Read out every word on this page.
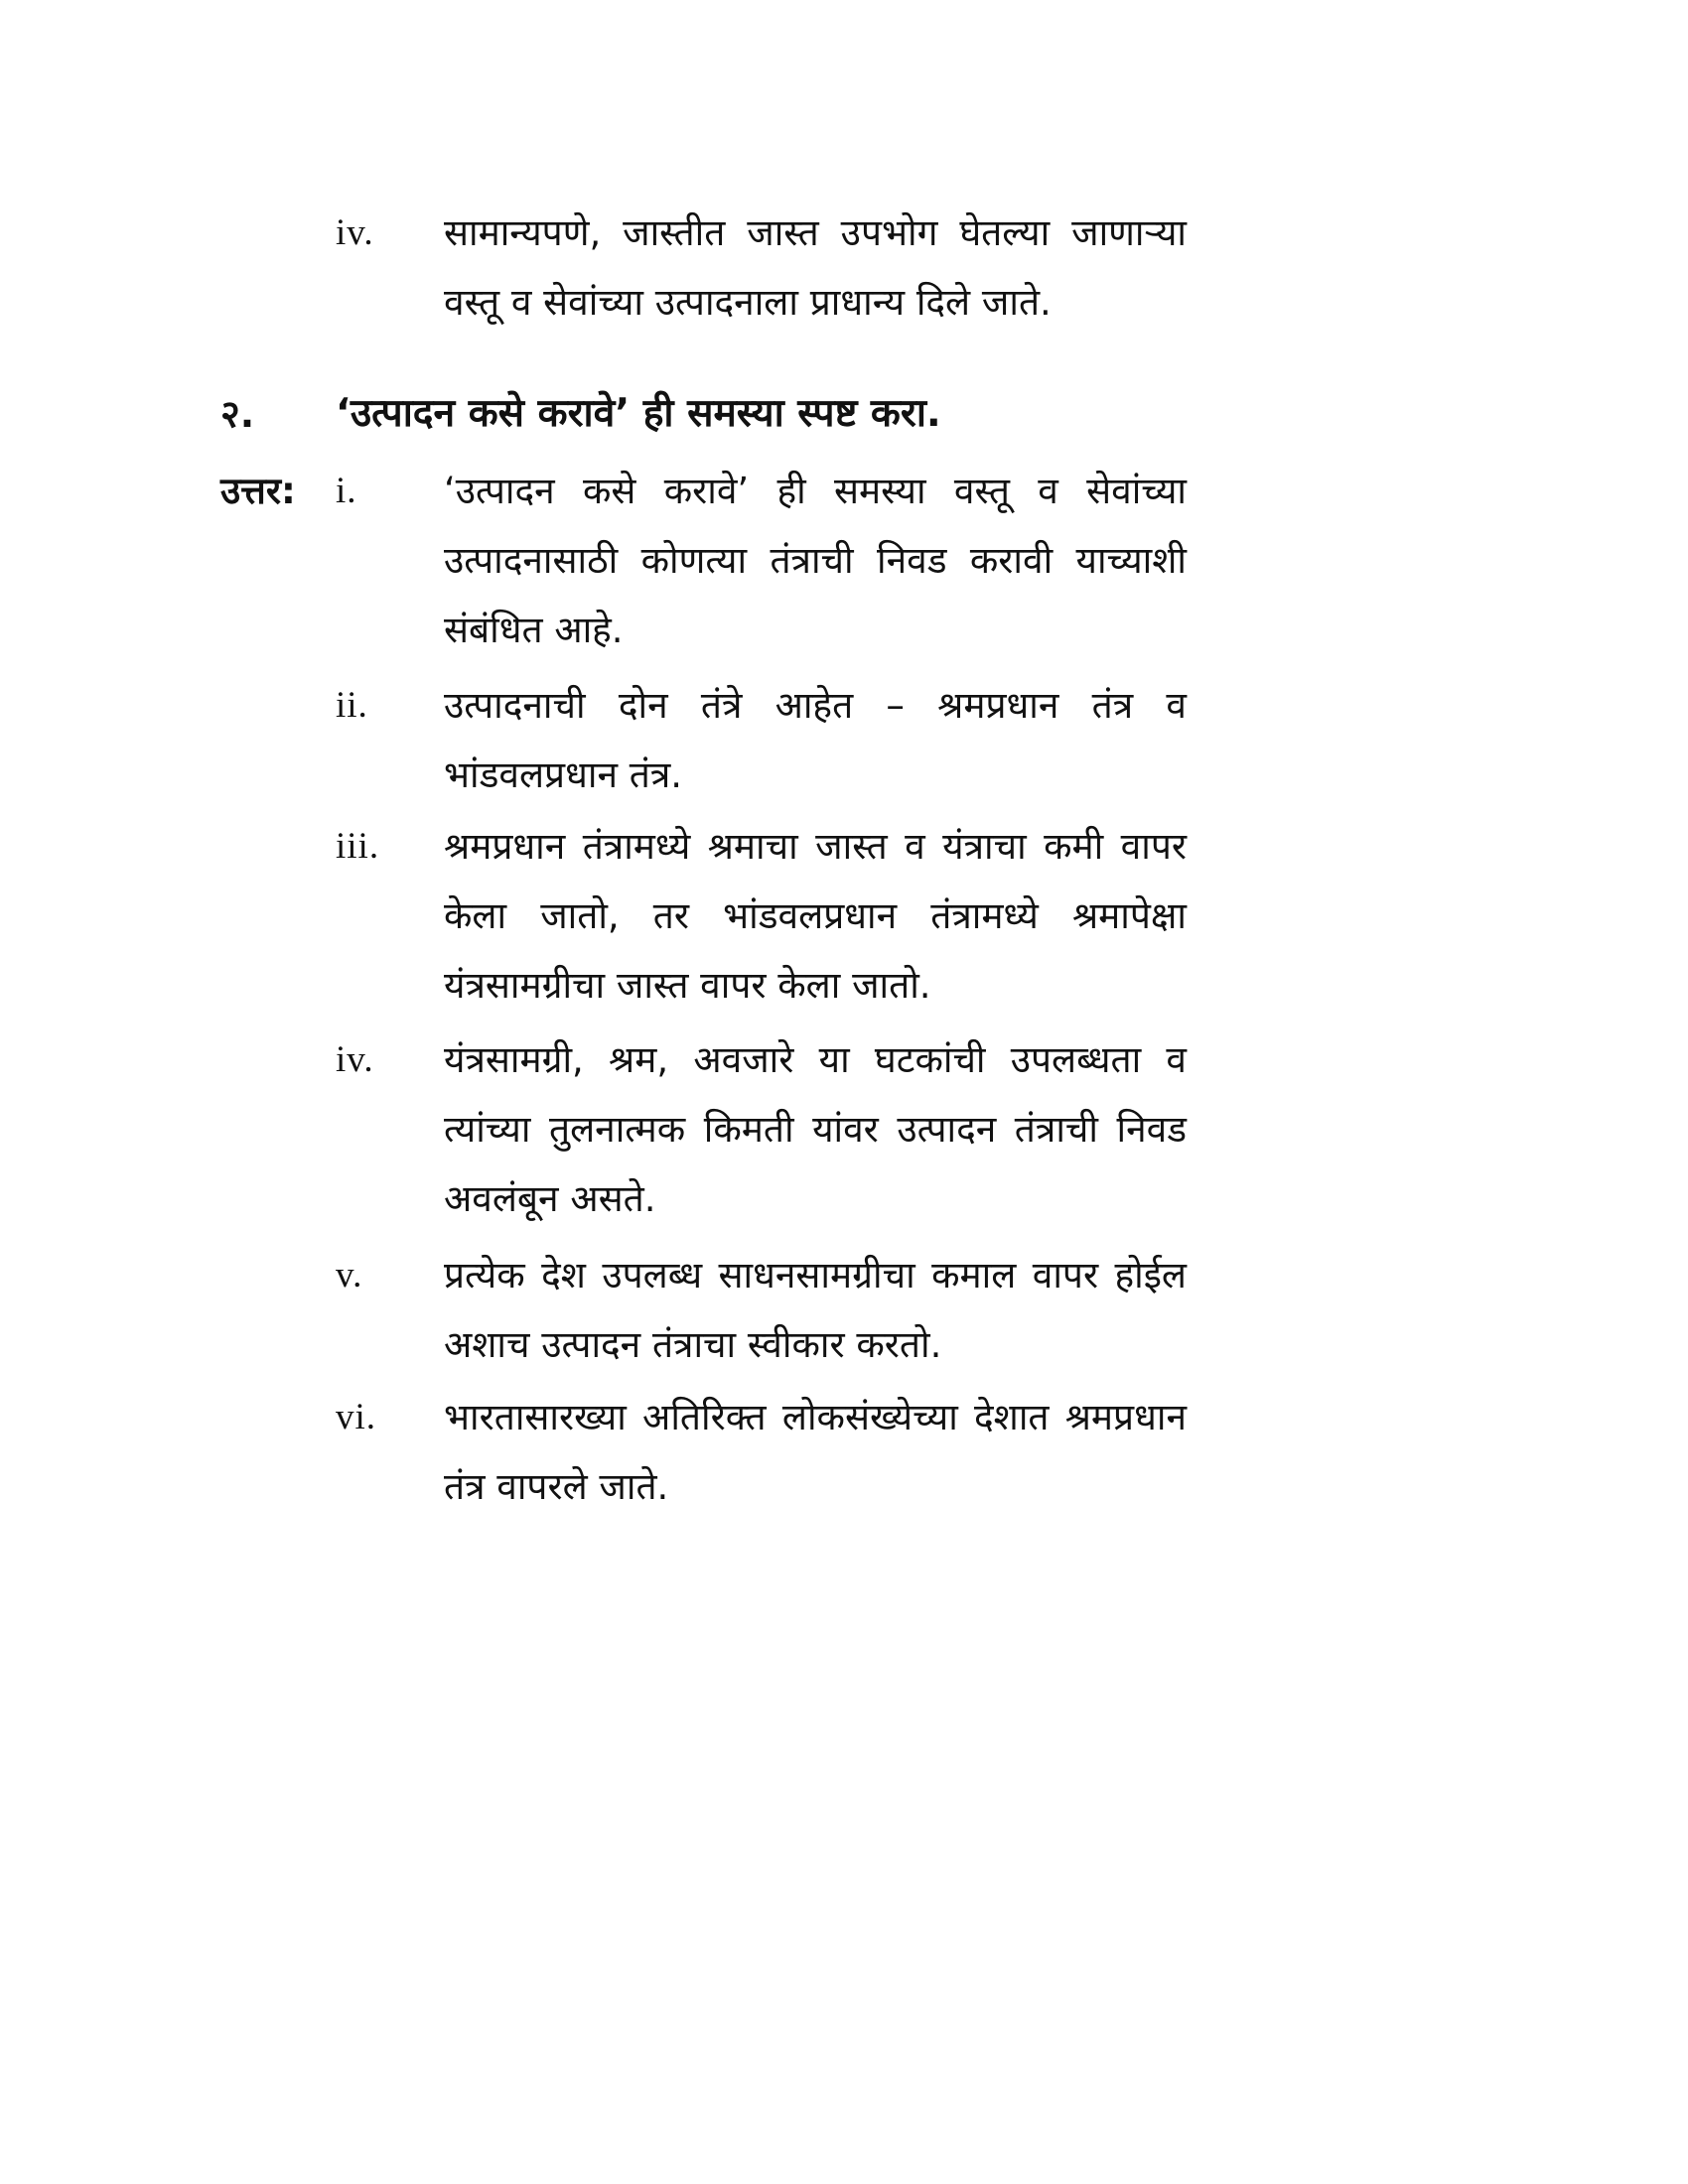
iv. सामान्यपणे, जास्तीत जास्त उपभोग घेतल्या जाणाऱ्या वस्तू व सेवांच्या उत्पादनाला प्राधान्य दिले जाते.
२. ‘उत्पादन कसे करावे’ ही समस्या स्पष्ट करा.
उत्तर: i. ‘उत्पादन कसे करावे’ ही समस्या वस्तू व सेवांच्या उत्पादनासाठी कोणत्या तंत्राची निवड करावी याच्याशी संबंधित आहे.
ii. उत्पादनाची दोन तंत्रे आहेत – श्रमप्रधान तंत्र व भांडवलप्रधान तंत्र.
iii. श्रमप्रधान तंत्रामध्ये श्रमाचा जास्त व यंत्राचा कमी वापर केला जातो, तर भांडवलप्रधान तंत्रामध्ये श्रमापेक्षा यंत्रसामग्रीचा जास्त वापर केला जातो.
iv. यंत्रसामग्री, श्रम, अवजारे या घटकांची उपलब्धता व त्यांच्या तुलनात्मक किमती यांवर उत्पादन तंत्राची निवड अवलंबून असते.
v. प्रत्येक देश उपलब्ध साधनसामग्रीचा कमाल वापर होईल अशाच उत्पादन तंत्राचा स्वीकार करतो.
vi. भारतासारख्या अतिरिक्त लोकसंख्येच्या देशात श्रमप्रधान तंत्र वापरले जाते.
